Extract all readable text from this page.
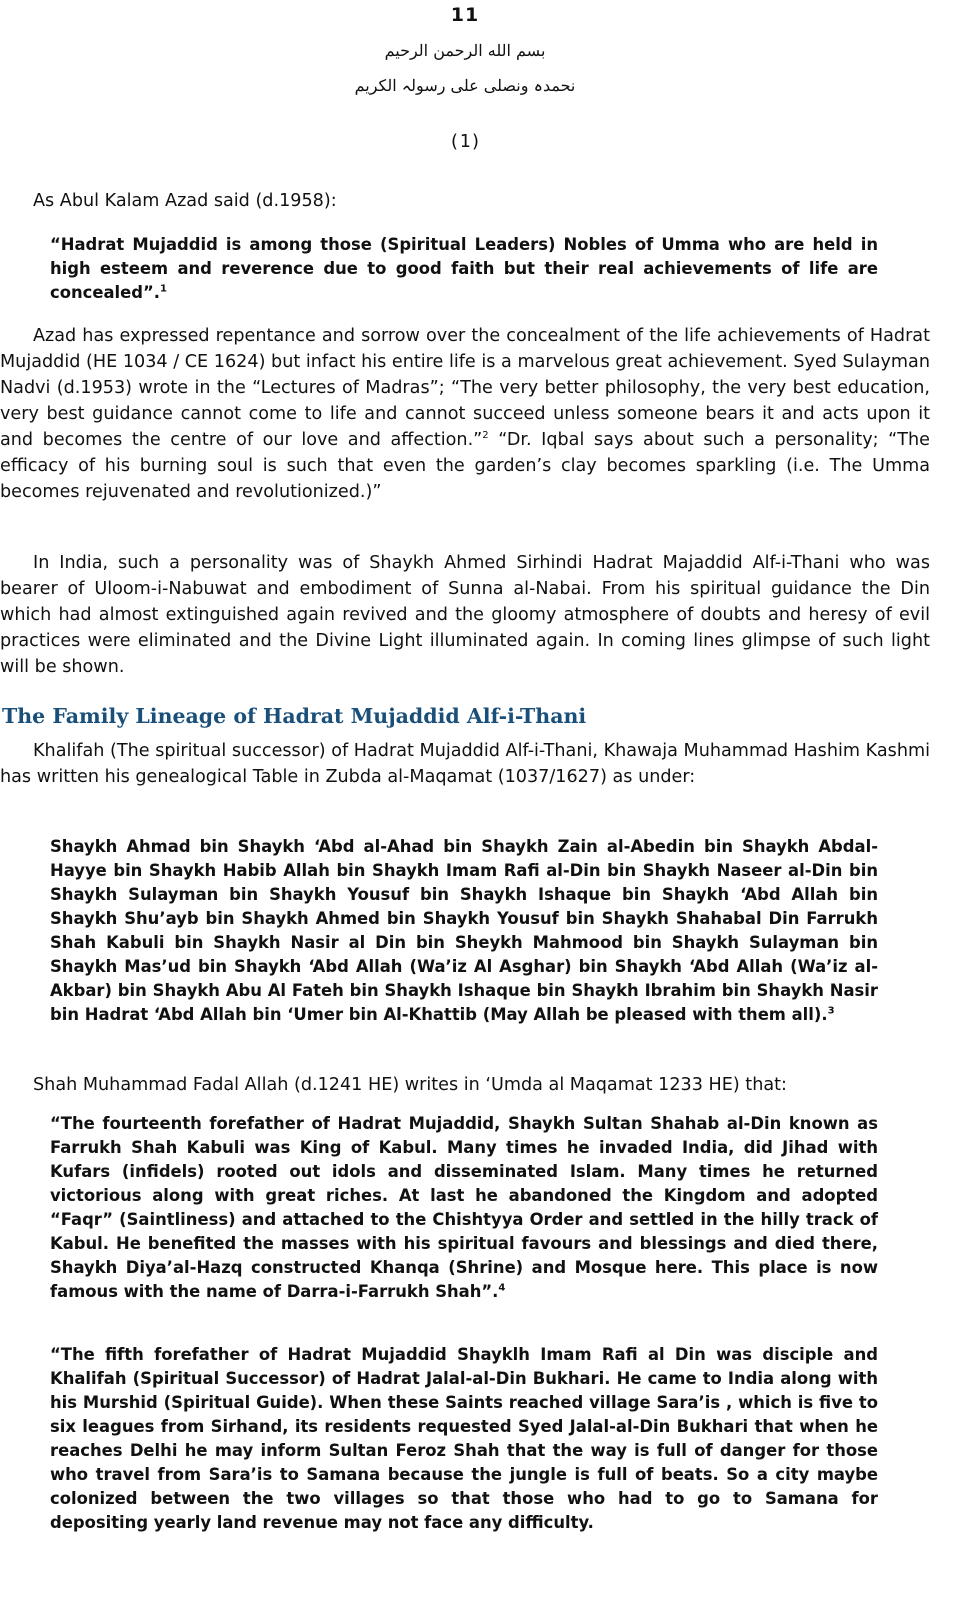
11
بسم الله الرحمن الرحيم
نحمدہ ونصلی علی رسولہ الکریم
(1)
As Abul Kalam Azad said (d.1958):
“Hadrat Mujaddid is among those (Spiritual Leaders) Nobles of Umma who are held in high esteem and reverence due to good faith but their real achievements of life are concealed”.$^1$
Azad has expressed repentance and sorrow over the concealment of the life achievements of Hadrat Mujaddid (HE 1034 / CE 1624) but infact his entire life is a marvelous great achievement. Syed Sulayman Nadvi (d.1953) wrote in the “Lectures of Madras”; “The very better philosophy, the very best education, very best guidance cannot come to life and cannot succeed unless someone bears it and acts upon it and becomes the centre of our love and affection.”$^2$ “Dr. Iqbal says about such a personality; “The efficacy of his burning soul is such that even the garden’s clay becomes sparkling (i.e. The Umma becomes rejuvenated and revolutionized.)”
In India, such a personality was of Shaykh Ahmed Sirhindi Hadrat Majaddid Alf-i-Thani who was bearer of Uloom-i-Nabuwat and embodiment of Sunna al-Nabai. From his spiritual guidance the Din which had almost extinguished again revived and the gloomy atmosphere of doubts and heresy of evil practices were eliminated and the Divine Light illuminated again. In coming lines glimpse of such light will be shown.
The Family Lineage of Hadrat Mujaddid Alf-i-Thani
Khalifah (The spiritual successor) of Hadrat Mujaddid Alf-i-Thani, Khawaja Muhammad Hashim Kashmi has written his genealogical Table in Zubda al-Maqamat (1037/1627) as under:
Shaykh Ahmad bin Shaykh ‘Abd al-Ahad bin Shaykh Zain al-Abedin bin Shaykh Abdal-Hayye bin Shaykh Habib Allah bin Shaykh Imam Rafi al-Din bin Shaykh Naseer al-Din bin Shaykh Sulayman bin Shaykh Yousuf bin Shaykh Ishaque bin Shaykh ‘Abd Allah bin Shaykh Shu’ayb bin Shaykh Ahmed bin Shaykh Yousuf bin Shaykh Shahabal Din Farrukh Shah Kabuli bin Shaykh Nasir al Din bin Sheykh Mahmood bin Shaykh Sulayman bin Shaykh Mas’ud bin Shaykh ‘Abd Allah (Wa’iz Al Asghar) bin Shaykh ‘Abd Allah (Wa’iz al-Akbar) bin Shaykh Abu Al Fateh bin Shaykh Ishaque bin Shaykh Ibrahim bin Shaykh Nasir bin Hadrat ‘Abd Allah bin ‘Umer bin Al-Khattib (May Allah be pleased with them all).$^3$
Shah Muhammad Fadal Allah (d.1241 HE) writes in ‘Umda al Maqamat 1233 HE) that:
“The fourteenth forefather of Hadrat Mujaddid, Shaykh Sultan Shahab al-Din known as Farrukh Shah Kabuli was King of Kabul. Many times he invaded India, did Jihad with Kufars (infidels) rooted out idols and disseminated Islam. Many times he returned victorious along with great riches. At last he abandoned the Kingdom and adopted “Faqr” (Saintliness) and attached to the Chishtyya Order and settled in the hilly track of Kabul. He benefited the masses with his spiritual favours and blessings and died there, Shaykh Diya’al-Hazq constructed Khanqa (Shrine) and Mosque here. This place is now famous with the name of Darra-i-Farrukh Shah”.$^4$
“The fifth forefather of Hadrat Mujaddid Shayklh Imam Rafi al Din was disciple and Khalifah (Spiritual Successor) of Hadrat Jalal-al-Din Bukhari. He came to India along with his Murshid (Spiritual Guide). When these Saints reached village Sara’is , which is five to six leagues from Sirhand, its residents requested Syed Jalal-al-Din Bukhari that when he reaches Delhi he may inform Sultan Feroz Shah that the way is full of danger for those who travel from Sara’is to Samana because the jungle is full of beats. So a city maybe colonized between the two villages so that those who had to go to Samana for depositing yearly land revenue may not face any difficulty.
